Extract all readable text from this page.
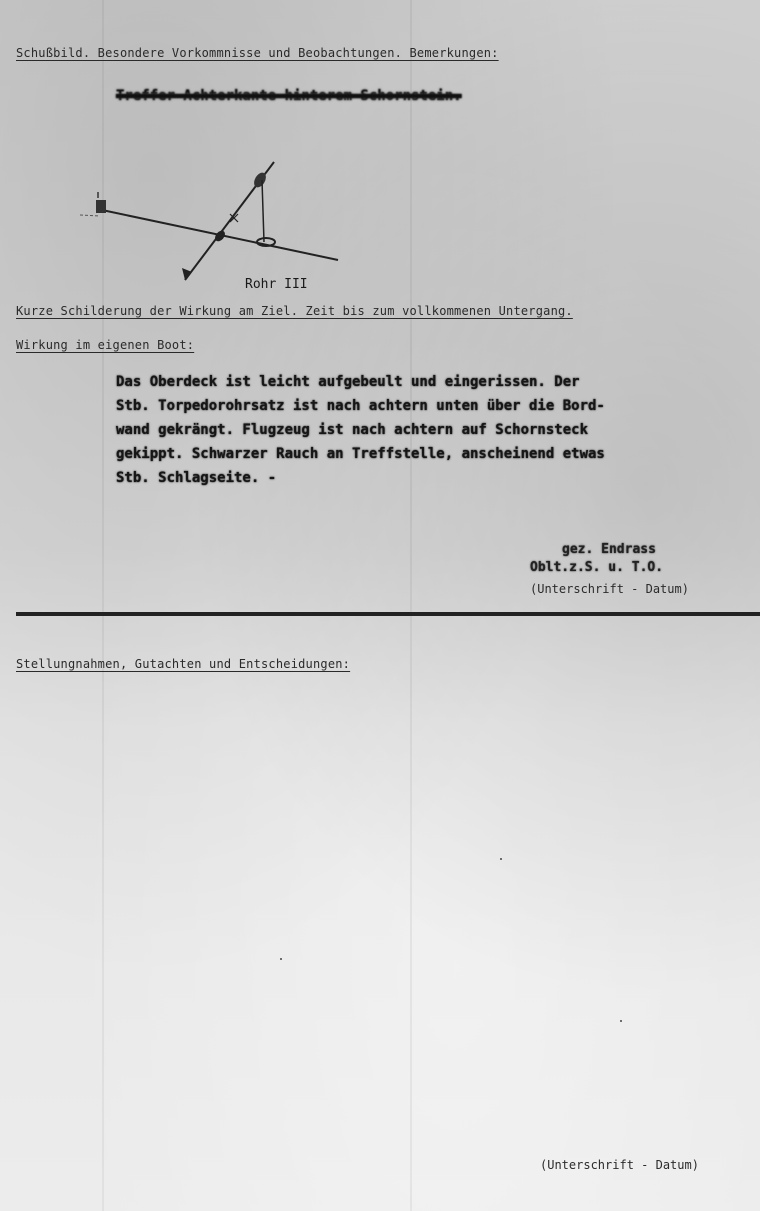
Schußbild. Besondere Vorkommnisse und Beobachtungen. Bemerkungen:
Treffer Achterkante hinterem Schornstein.
Rohr III
Kurze Schilderung der Wirkung am Ziel. Zeit bis zum vollkommenen Untergang.
Wirkung im eigenen Boot:
Das Oberdeck ist leicht aufgebeult und eingerissen. Der
Stb. Torpedorohrsatz ist nach achtern unten über die Bord-
wand gekrängt. Flugzeug ist nach achtern auf Schornsteck
gekippt. Schwarzer Rauch an Treffstelle, anscheinend etwas
Stb. Schlagseite. -
gez. Endrass
Oblt.z.S. u. T.O.
(Unterschrift - Datum)
Stellungnahmen, Gutachten und Entscheidungen:
(Unterschrift - Datum)
